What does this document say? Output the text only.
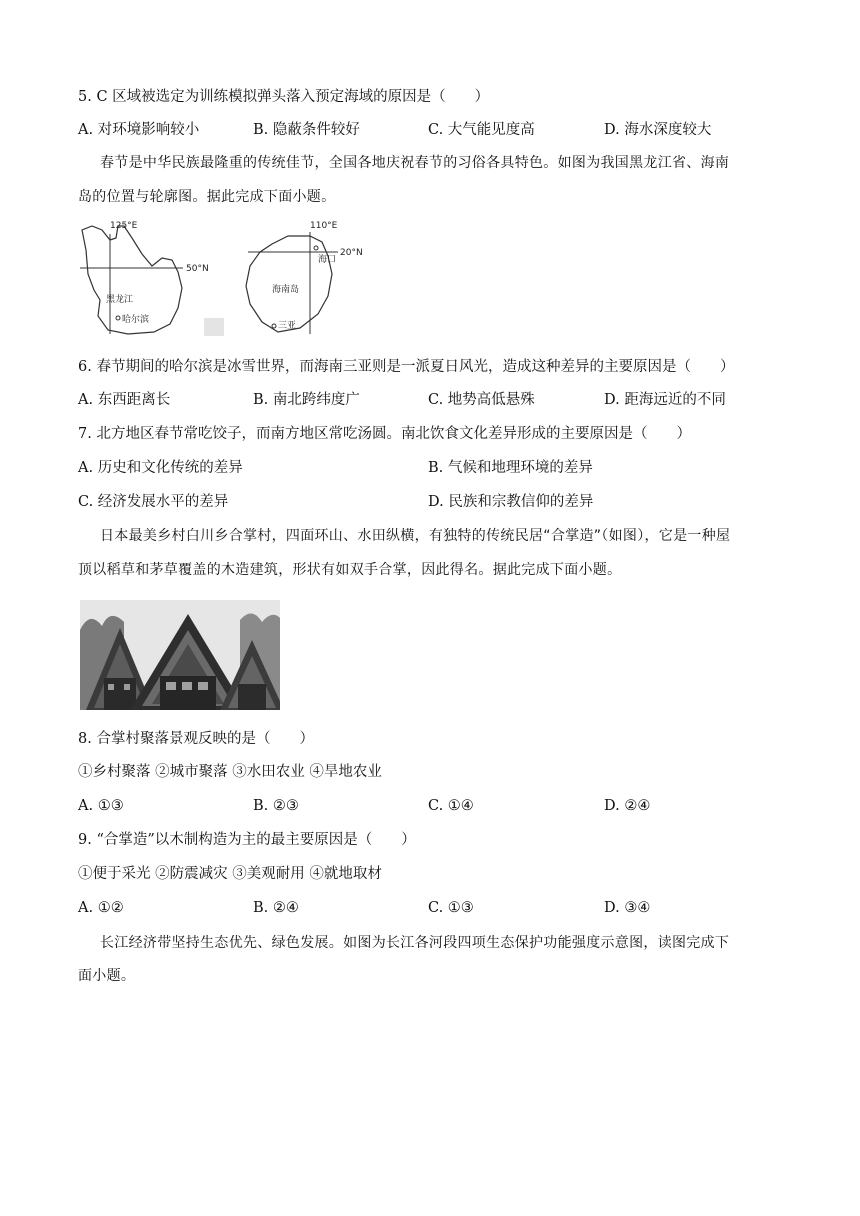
5. C 区域被选定为训练模拟弹头落入预定海域的原因是（　　）
A. 对环境影响较小	B. 隐蔽条件较好	C. 大气能见度高	D. 海水深度较大
春节是中华民族最隆重的传统佳节，全国各地庆祝春节的习俗各具特色。如图为我国黑龙江省、海南
岛的位置与轮廓图。据此完成下面小题。
125°E
50°N
黑龙江
哈尔滨
110°E
20°N
海南岛
海口
三亚
6. 春节期间的哈尔滨是冰雪世界，而海南三亚则是一派夏日风光，造成这种差异的主要原因是（　　）
A. 东西距离长	B. 南北跨纬度广	C. 地势高低悬殊	D. 距海远近的不同
7. 北方地区春节常吃饺子，而南方地区常吃汤圆。南北饮食文化差异形成的主要原因是（　　）
A. 历史和文化传统的差异	B. 气候和地理环境的差异
C. 经济发展水平的差异	D. 民族和宗教信仰的差异
日本最美乡村白川乡合掌村，四面环山、水田纵横，有独特的传统民居“合掌造”（如图），它是一种屋
顶以稻草和茅草覆盖的木造建筑，形状有如双手合掌，因此得名。据此完成下面小题。
8. 合掌村聚落景观反映的是（　　）
①乡村聚落 ②城市聚落 ③水田农业 ④旱地农业
A. ①③	B. ②③	C. ①④	D. ②④
9. “合掌造”以木制构造为主的最主要原因是（　　）
①便于采光 ②防震减灾 ③美观耐用 ④就地取材
A. ①②	B. ②④	C. ①③	D. ③④
长江经济带坚持生态优先、绿色发展。如图为长江各河段四项生态保护功能强度示意图，读图完成下
面小题。
